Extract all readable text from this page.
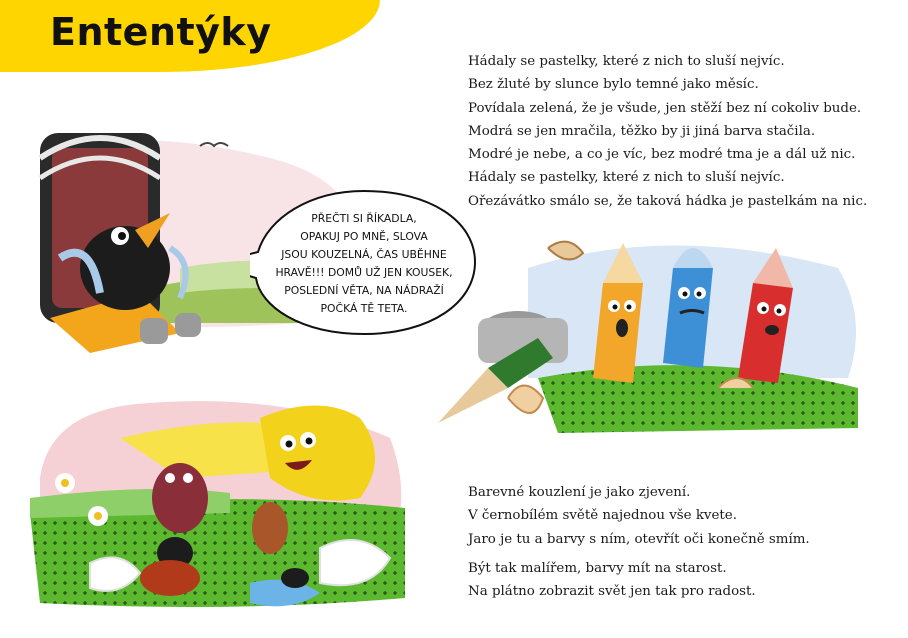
Ententýky

PŘEČTI SI ŘÍKADLA,
OPAKUJ PO MNĚ, SLOVA
JSOU KOUZELNÁ, ČAS UBĚHNE
HRAVĚ!!! DOMŮ UŽ JEN KOUSEK,
POSLEDNÍ VĚTA, NA NÁDRAŽÍ
POČKÁ TĚ TETA.

Hádaly se pastelky, které z nich to sluší nejvíc.
Bez žluté by slunce bylo temné jako měsíc.
Povídala zelená, že je všude, jen stěží bez ní cokoliv bude.
Modrá se jen mračila, těžko by ji jiná barva stačila.
Modré je nebe, a co je víc, bez modré tma je a dál už nic.
Hádaly se pastelky, které z nich to sluší nejvíc.
Ořezávátko smálo se, že taková hádka je pastelkám na nic.
Barevné kouzlení je jako zjevení.
V černobílém světě najednou vše kvete.
Jaro je tu a barvy s ním, otevřít oči konečně smím.
Být tak malířem, barvy mít na starost.
Na plátno zobrazit svět jen tak pro radost.
